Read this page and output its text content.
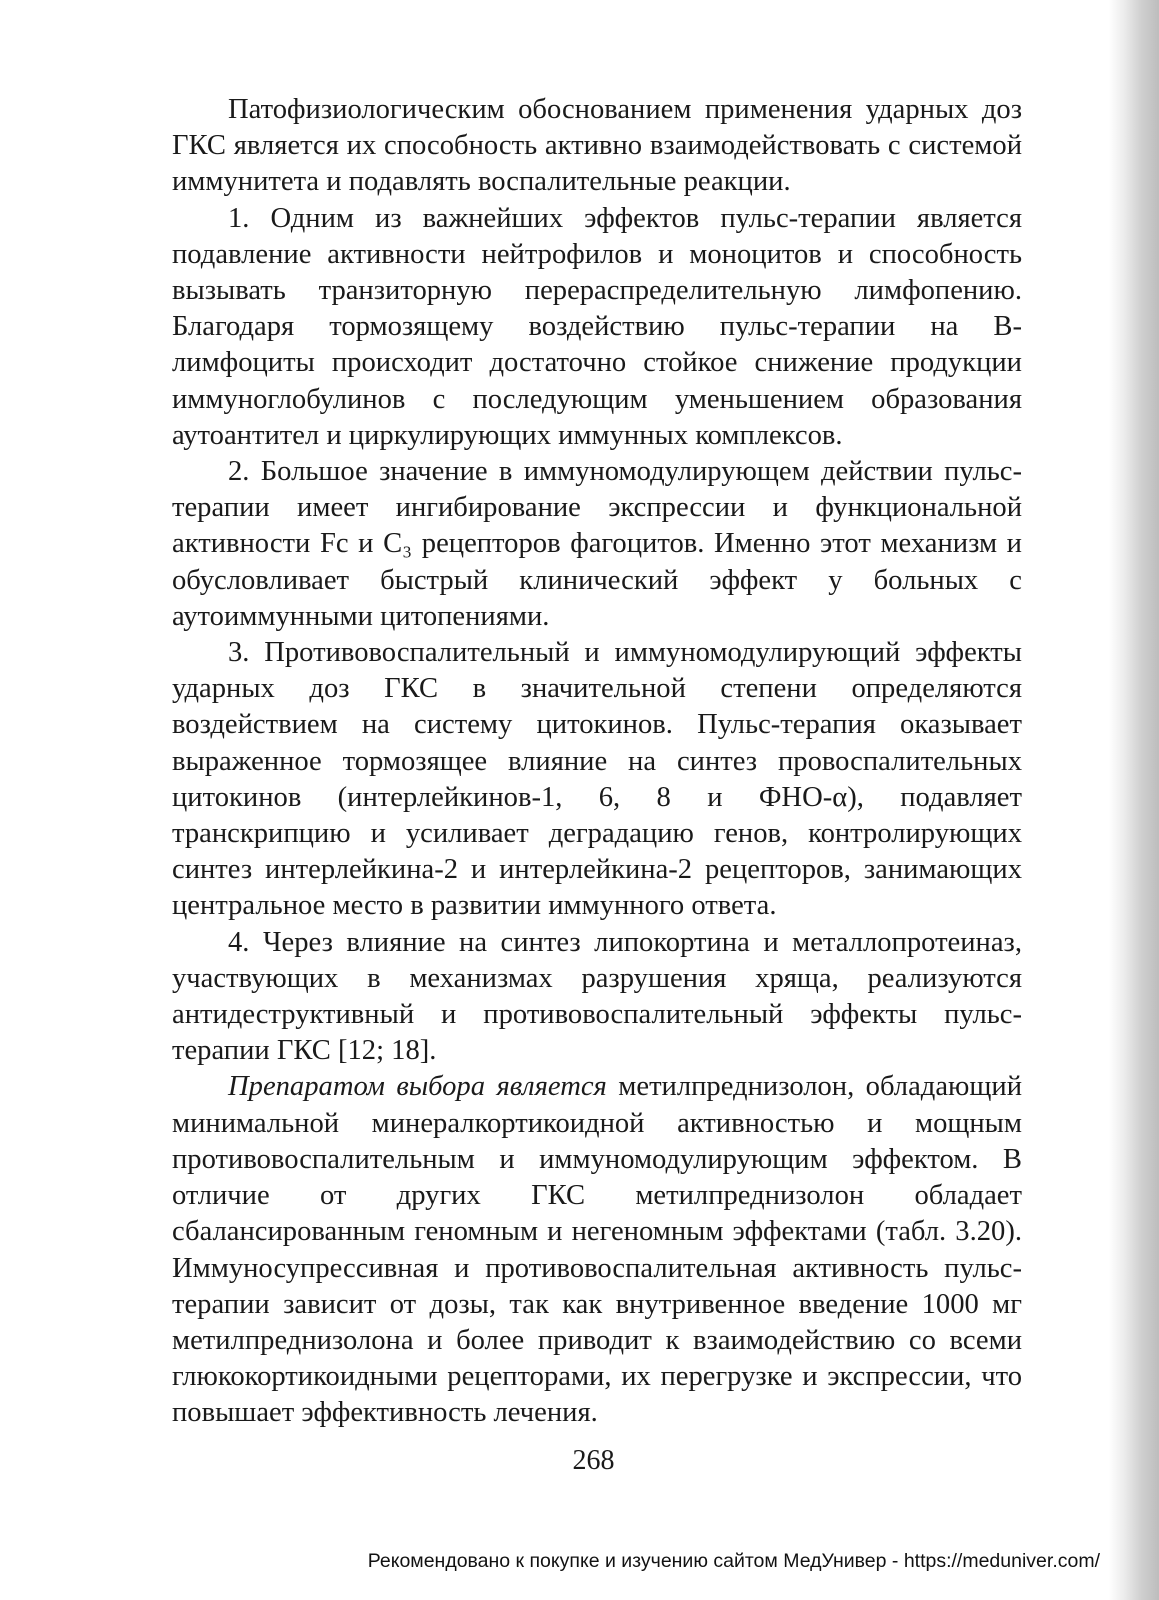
Патофизиологическим обоснованием применения ударных доз ГКС является их способность активно взаимодействовать с системой иммунитета и подавлять воспалительные реакции.

1. Одним из важнейших эффектов пульс-терапии является подавление активности нейтрофилов и моноцитов и способность вызывать транзиторную перераспределительную лимфопению. Благодаря тормозящему воздействию пульс-терапии на В-лимфоциты происходит достаточно стойкое снижение продукции иммуноглобулинов с последующим уменьшением образования аутоантител и циркулирующих иммунных комплексов.

2. Большое значение в иммуномодулирующем действии пульс-терапии имеет ингибирование экспрессии и функциональной активности Fc и С₃ рецепторов фагоцитов. Именно этот механизм и обусловливает быстрый клинический эффект у больных с аутоиммунными цитопениями.

3. Противовоспалительный и иммуномодулирующий эффекты ударных доз ГКС в значительной степени определяются воздействием на систему цитокинов. Пульс-терапия оказывает выраженное тормозящее влияние на синтез провоспалительных цитокинов (интерлейкинов-1, 6, 8 и ФНО-α), подавляет транскрипцию и усиливает деградацию генов, контролирующих синтез интерлейкина-2 и интерлейкина-2 рецепторов, занимающих центральное место в развитии иммунного ответа.

4. Через влияние на синтез липокортина и металлопротеиназ, участвующих в механизмах разрушения хряща, реализуются антидеструктивный и противовоспалительный эффекты пульс-терапии ГКС [12; 18].

Препаратом выбора является метилпреднизолон, обладающий минимальной минералкортикоидной активностью и мощным противовоспалительным и иммуномодулирующим эффектом. В отличие от других ГКС метилпреднизолон обладает сбалансированным геномным и негеномным эффектами (табл. 3.20). Иммуносупрессивная и противовоспалительная активность пульс-терапии зависит от дозы, так как внутривенное введение 1000 мг метилпреднизолона и более приводит к взаимодействию со всеми глюкокортикоидными рецепторами, их перегрузке и экспрессии, что повышает эффективность лечения.

268
Рекомендовано к покупке и изучению сайтом МедУнивер - https://meduniver.com/
